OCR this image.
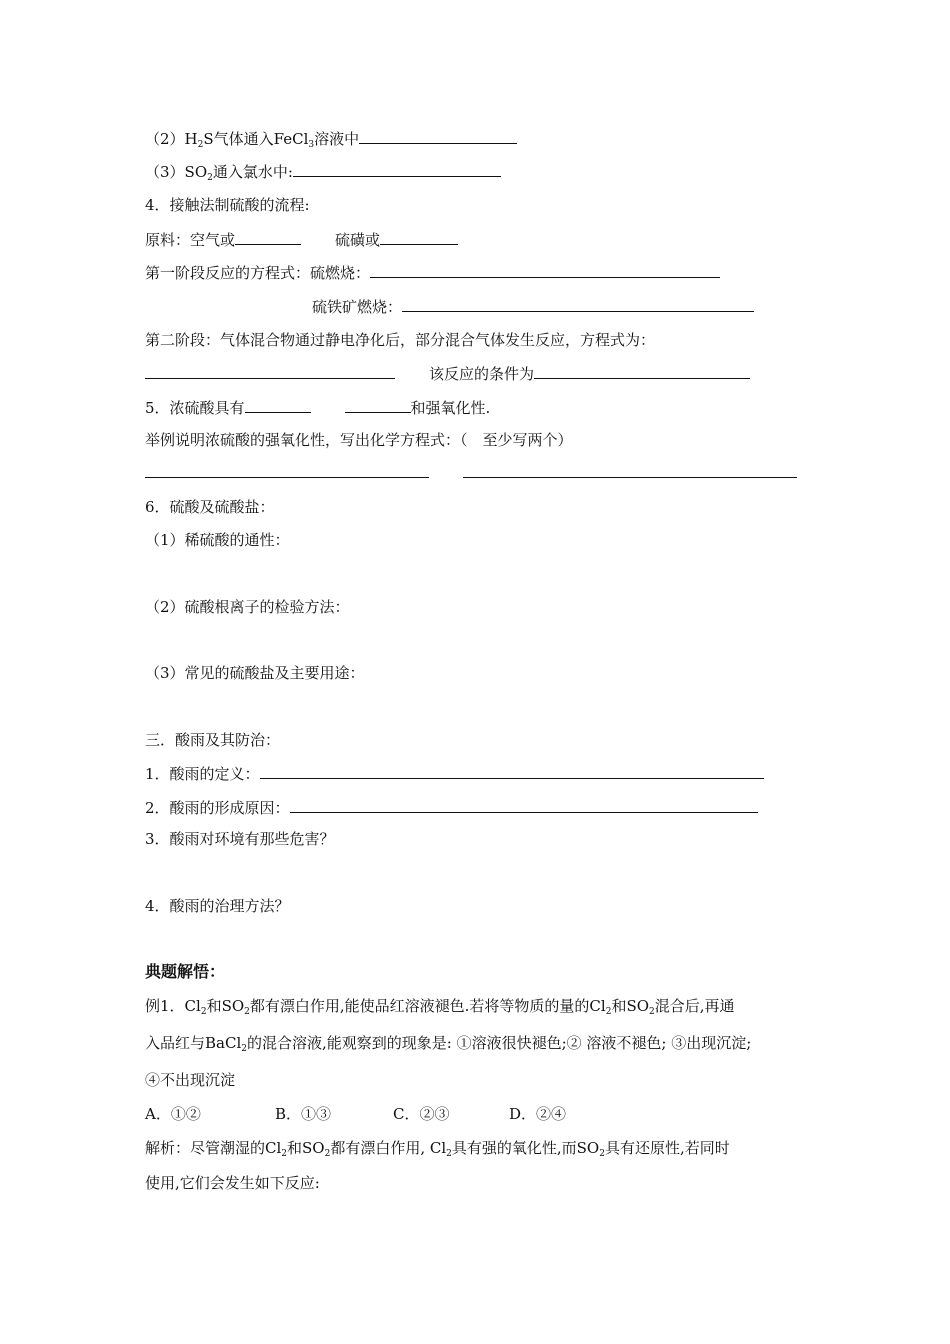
$(2)H_2S$气体通入FeCl$_3$溶液中
$(3)SO_2$通入氯水中:
4．接触法制硫酸的流程:
原料：空气或	硫磺或
第一阶段反应的方程式：硫燃烧：
硫铁矿燃烧：
第二阶段：气体混合物通过静电净化后，部分混合气体发生反应，方程式为：
该反应的条件为
5．浓硫酸具有	和强氧化性.
举例说明浓硫酸的强氧化性，写出化学方程式：（　至少写两个）
6．硫酸及硫酸盐：
（1）稀硫酸的通性：
（2）硫酸根离子的检验方法：
（3）常见的硫酸盐及主要用途：
三．酸雨及其防治：
1．酸雨的定义：
2．酸雨的形成原因：
3．酸雨对环境有那些危害？
4．酸雨的治理方法？
典题解悟：
例1．$Cl_2$和$SO_2$都有漂白作用,能使品红溶液褪色.若将等物质的量的$Cl_2$和$SO_2$混合后,再通
入品红与BaCl$_2$的混合溶液,能观察到的现象是: ①溶液很快褪色;② 溶液不褪色; ③出现沉淀;
④不出现沉淀
A．①②	B．①③	C．②③	D．②④
解析：尽管潮湿的$Cl_2$和$SO_2$都有漂白作用, $Cl_2$具有强的氧化性,而$SO_2$具有还原性,若同时
使用,它们会发生如下反应:
